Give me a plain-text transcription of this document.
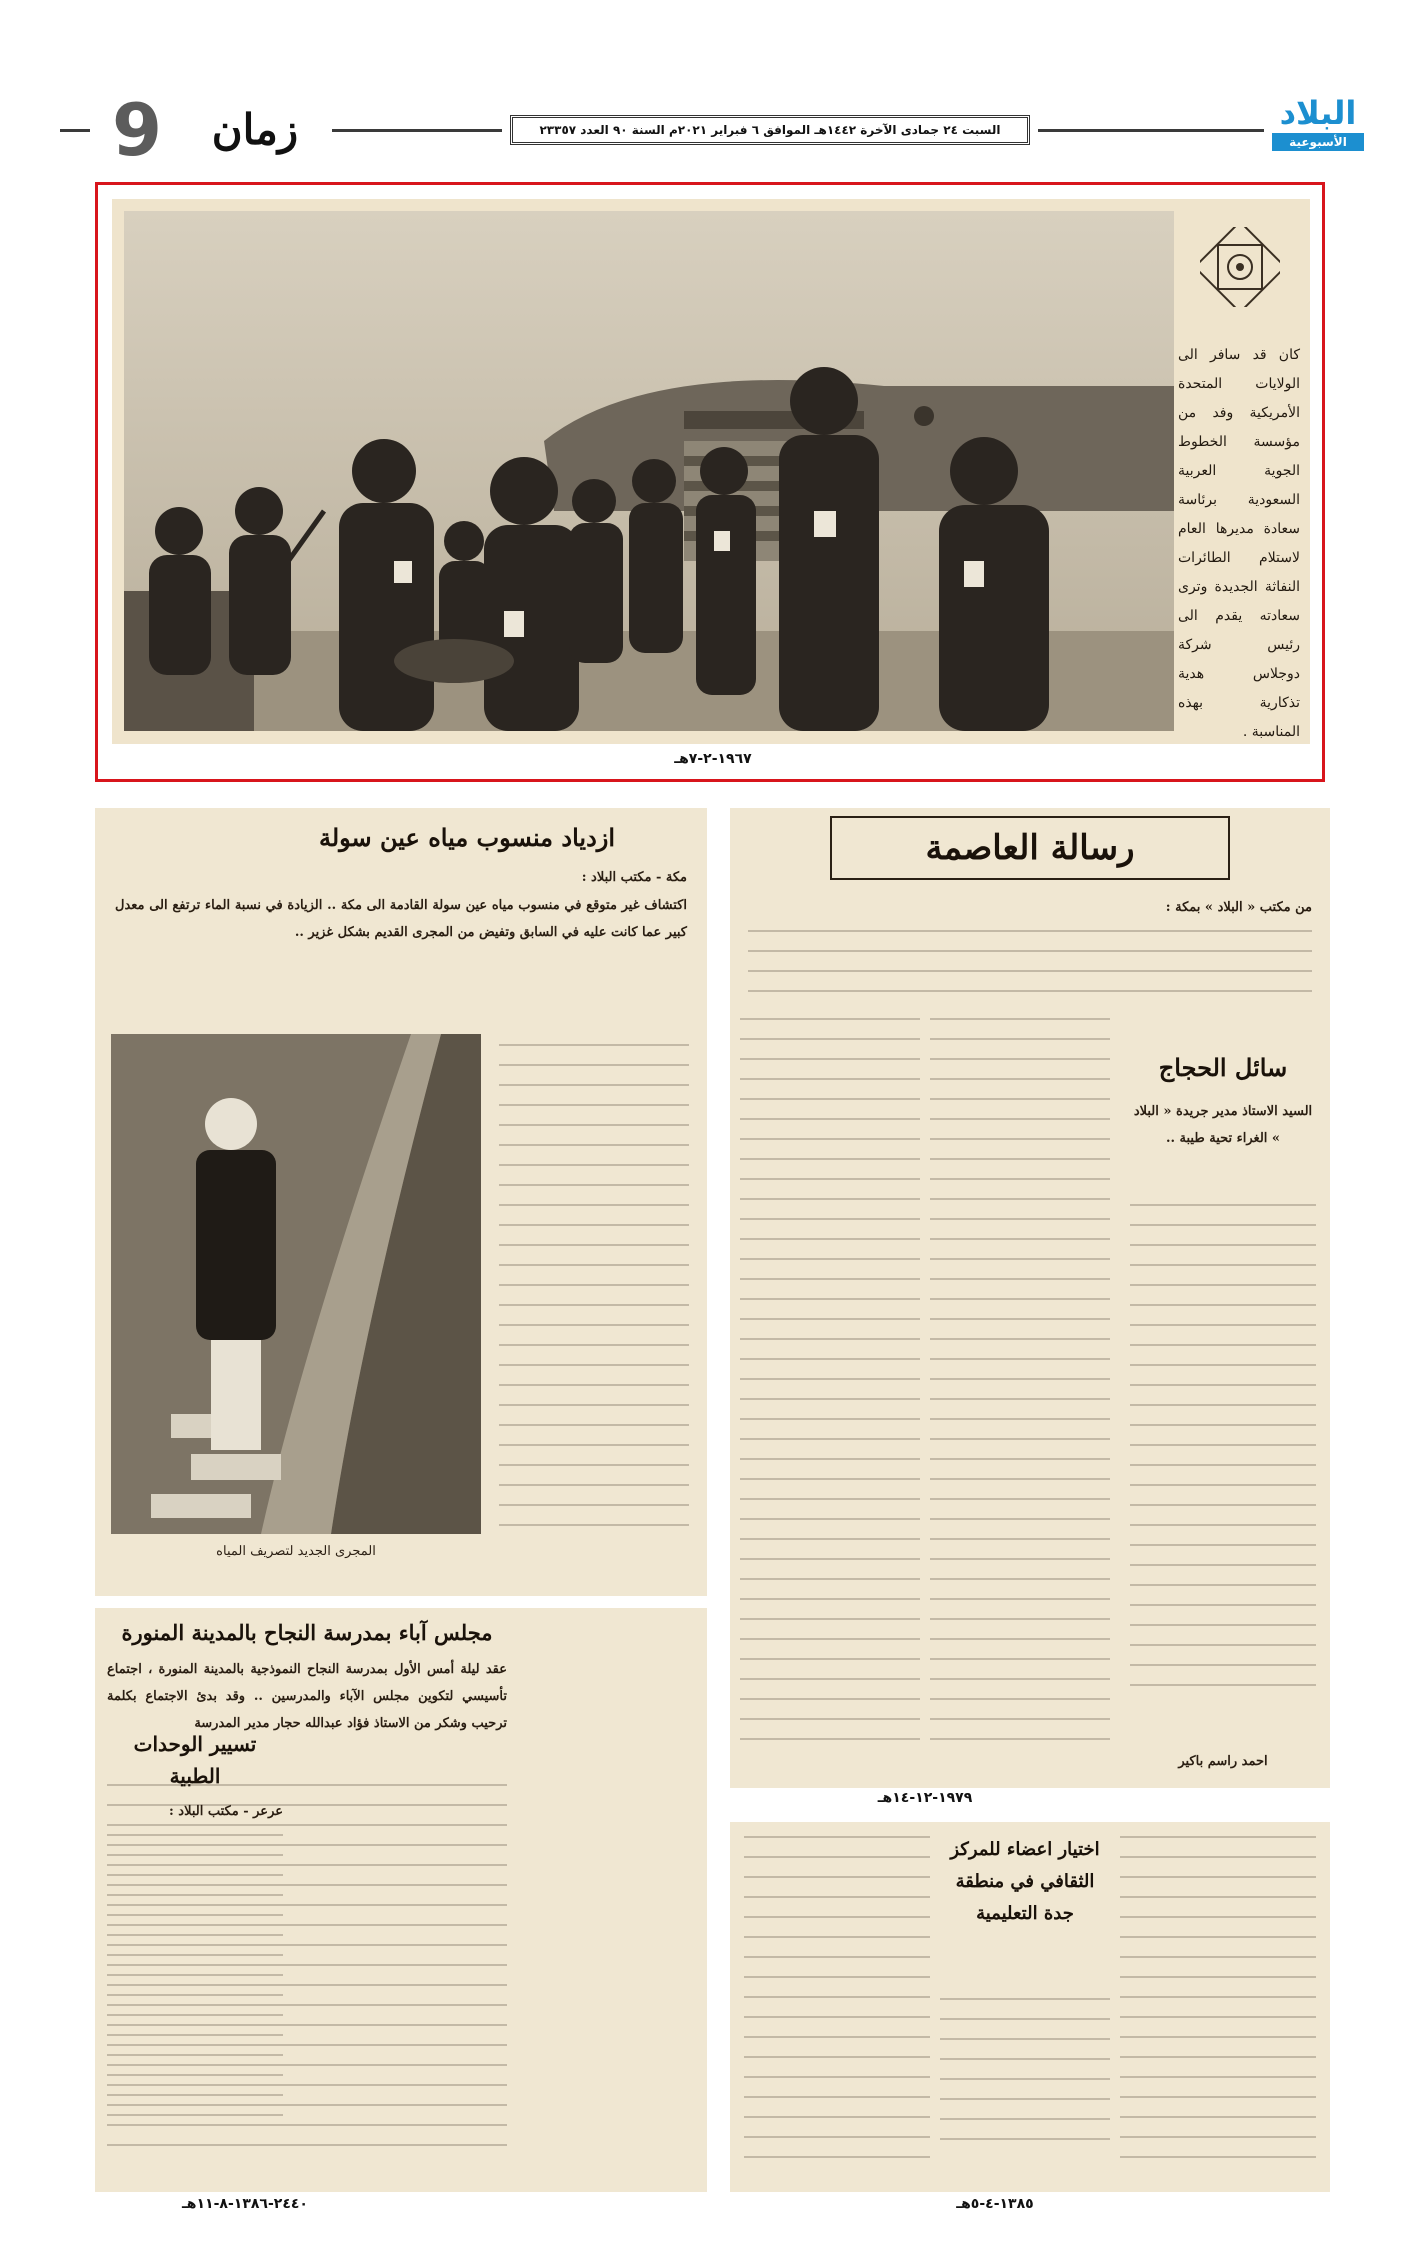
9	زمان	السبت ٢٤ جمادى الآخرة ١٤٤٢هـ الموافق ٦ فبراير ٢٠٢١م السنة ٩٠ العدد ٢٣٣٥٧	البلاد
الأسبوعية
كان قد سافر الى الولايات المتحدة الأمريكية وفد من مؤسسة الخطوط الجوية العربية السعودية برئاسة سعادة مديرها العام لاستلام الطائرات النفاثة الجديدة وترى سعادته يقدم الى رئيس شركة دوجلاس هدية تذكارية بهذه المناسبة .
١٩٦٧-٢-٧هـ
ازدياد منسوب مياه عين سولة
مكة - مكتب البلاد :
اكتشاف غير متوقع في منسوب مياه عين سولة القادمة الى مكة .. الزيادة في نسبة الماء ترتفع الى معدل كبير عما كانت عليه في السابق وتفيض من المجرى القديم بشكل غزير ..
المجرى الجديد لتصريف المياه
مجلس آباء بمدرسة النجاح بالمدينة المنورة
عقد ليلة أمس الأول بمدرسة النجاح النموذجية بالمدينة المنورة ، اجتماع تأسيسي لتكوين مجلس الآباء والمدرسين .. وقد بدئ الاجتماع بكلمة ترحيب وشكر من الاستاذ فؤاد عبدالله حجار مدير المدرسة
تسيير الوحدات الطبية
عرعر - مكتب البلاد :
٢٤٤٠-١٣٨٦-٨-١١هـ
رسالة العاصمة
من مكتب « البلاد » بمكة :
سائل الحجاج
السيد الاستاذ مدير جريدة « البلاد » الغراء تحية طيبة ..
احمد راسم باكير
١٩٧٩-١٢-١٤هـ
اختيار اعضاء للمركز الثقافي في منطقة جدة التعليمية
١٣٨٥-٤-٥هـ
